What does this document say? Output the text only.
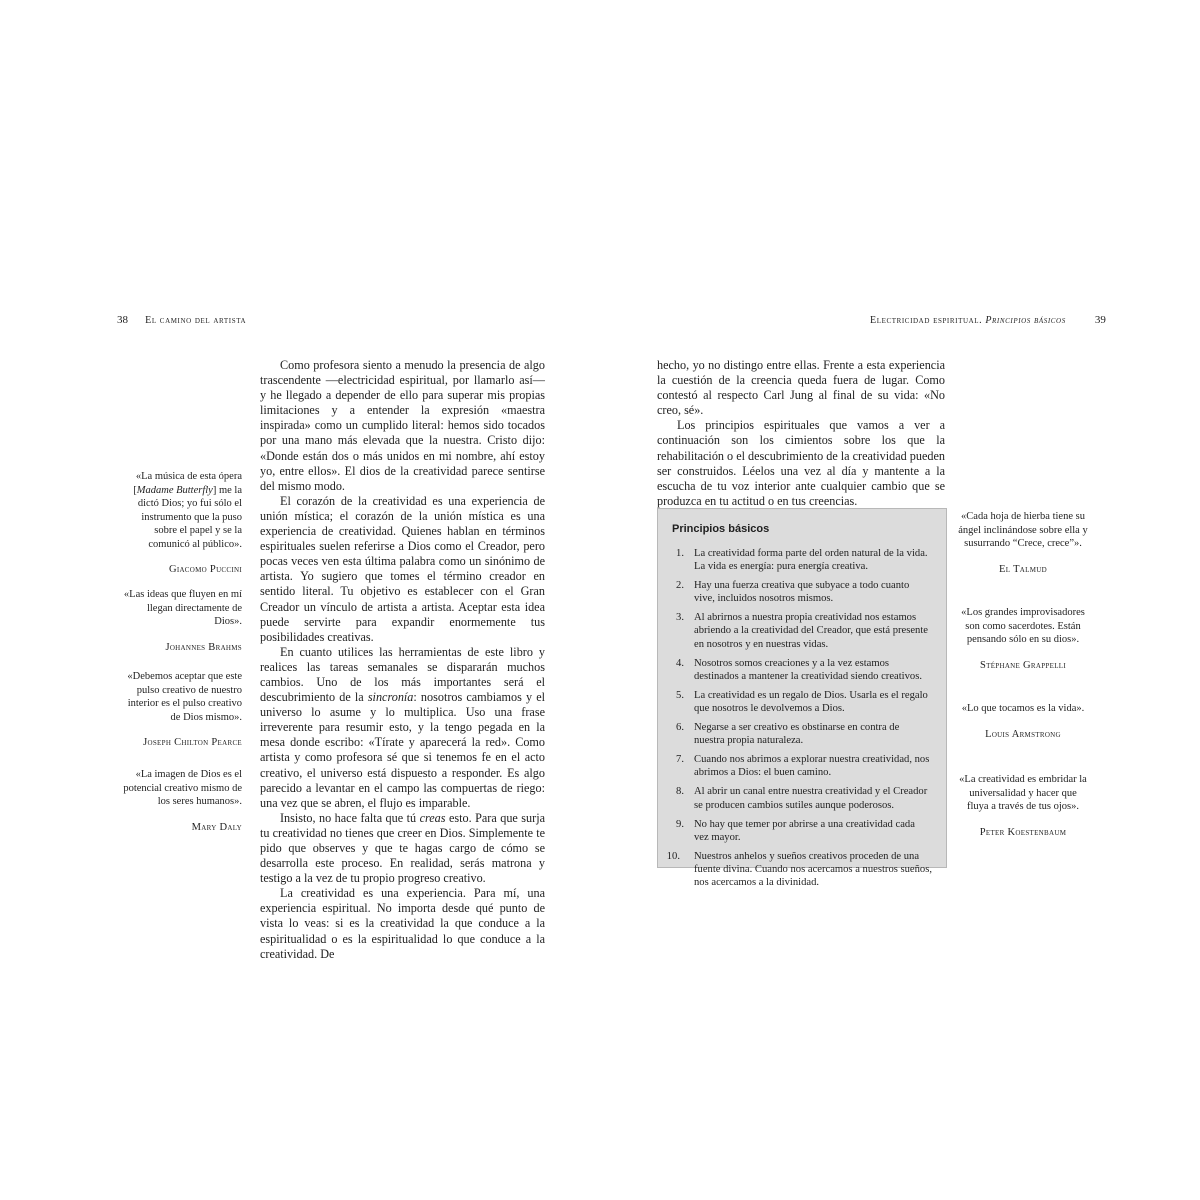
38 El camino del artista	Electricidad espiritual. Principios básicos	39

Como profesora siento a menudo la presencia de algo trascendente —electricidad espiritual, por llamarlo así— y he llegado a depender de ello para superar mis propias limitaciones y a entender la expresión «maestra inspirada» como un cumplido literal: hemos sido tocados por una mano más elevada que la nuestra. Cristo dijo: «Donde están dos o más unidos en mi nombre, ahí estoy yo, entre ellos». El dios de la creatividad parece sentirse del mismo modo.

El corazón de la creatividad es una experiencia de unión mística; el corazón de la unión mística es una experiencia de creatividad. Quienes hablan en términos espirituales suelen referirse a Dios como el Creador, pero pocas veces ven esta última palabra como un sinónimo de artista. Yo sugiero que tomes el término creador en sentido literal. Tu objetivo es establecer con el Gran Creador un vínculo de artista a artista. Aceptar esta idea puede servirte para expandir enormemente tus posibilidades creativas.

En cuanto utilices las herramientas de este libro y realices las tareas semanales se dispararán muchos cambios. Uno de los más importantes será el descubrimiento de la sincronía: nosotros cambiamos y el universo lo asume y lo multiplica. Uso una frase irreverente para resumir esto, y la tengo pegada en la mesa donde escribo: «Tírate y aparecerá la red». Como artista y como profesora sé que si tenemos fe en el acto creativo, el universo está dispuesto a responder. Es algo parecido a levantar en el campo las compuertas de riego: una vez que se abren, el flujo es imparable.

Insisto, no hace falta que tú creas esto. Para que surja tu creatividad no tienes que creer en Dios. Simplemente te pido que observes y que te hagas cargo de cómo se desarrolla este proceso. En realidad, serás matrona y testigo a la vez de tu propio progreso creativo.

La creatividad es una experiencia. Para mí, una experiencia espiritual. No importa desde qué punto de vista lo veas: si es la creatividad la que conduce a la espiritualidad o es la espiritualidad lo que conduce a la creatividad. De

«La música de esta ópera [Madame Butterfly] me la dictó Dios; yo fui sólo el instrumento que la puso sobre el papel y se la comunicó al público».
Giacomo Puccini
«Las ideas que fluyen en mí llegan directamente de Dios».
Johannes Brahms
«Debemos aceptar que este pulso creativo de nuestro interior es el pulso creativo de Dios mismo».
Joseph Chilton Pearce
«La imagen de Dios es el potencial creativo mismo de los seres humanos».
Mary Daly

hecho, yo no distingo entre ellas. Frente a esta experiencia la cuestión de la creencia queda fuera de lugar. Como contestó al respecto Carl Jung al final de su vida: «No creo, sé».

Los principios espirituales que vamos a ver a continuación son los cimientos sobre los que la rehabilitación o el descubrimiento de la creatividad pueden ser construidos. Léelos una vez al día y mantente a la escucha de tu voz interior ante cualquier cambio que se produzca en tu actitud o en tus creencias.

Principios básicos
1. La creatividad forma parte del orden natural de la vida. La vida es energía: pura energía creativa.
2. Hay una fuerza creativa que subyace a todo cuanto vive, incluidos nosotros mismos.
3. Al abrirnos a nuestra propia creatividad nos estamos abriendo a la creatividad del Creador, que está presente en nosotros y en nuestras vidas.
4. Nosotros somos creaciones y a la vez estamos destinados a mantener la creatividad siendo creativos.
5. La creatividad es un regalo de Dios. Usarla es el regalo que nosotros le devolvemos a Dios.
6. Negarse a ser creativo es obstinarse en contra de nuestra propia naturaleza.
7. Cuando nos abrimos a explorar nuestra creatividad, nos abrimos a Dios: el buen camino.
8. Al abrir un canal entre nuestra creatividad y el Creador se producen cambios sutiles aunque poderosos.
9. No hay que temer por abrirse a una creatividad cada vez mayor.
10.	Nuestros anhelos y sueños creativos proceden de una fuente divina. Cuando nos acercamos a nuestros sueños, nos acercamos a la divinidad.
«Cada hoja de hierba tiene su ángel inclinándose sobre ella y susurrando “Crece, crece”».
El Talmud
«Los grandes improvisadores son como sacerdotes. Están pensando sólo en su dios».
Stéphane Grappelli
«Lo que tocamos es la vida».
Louis Armstrong
«La creatividad es embridar la universalidad y hacer que fluya a través de tus ojos».
Peter Koestenbaum
